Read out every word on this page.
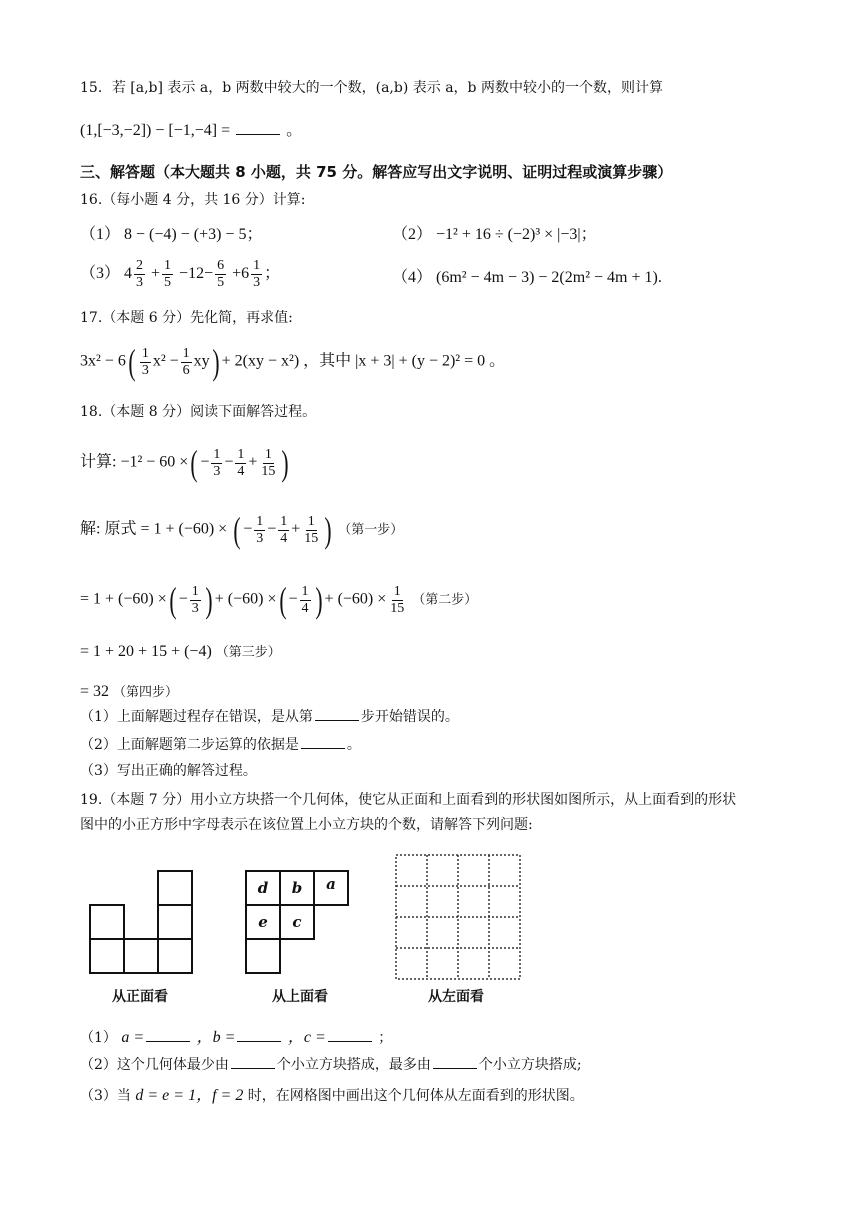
15．若 [a,b] 表示 a，b 两数中较大的一个数，(a,b) 表示 a，b 两数中较小的一个数，则计算
(1,[−3,−2]) − [−1,−4] =	。
三、解答题（本大题共 8 小题，共 75 分。解答应写出文字说明、证明过程或演算步骤）
16.（每小题 4 分，共 16 分）计算:
（1） 8 − (−4) − (+3) − 5；	（2） −1² + 16 ÷ (−2)³ × |−3|；
（3） $4 \frac{2}{3} + \frac{1}{5} -12- \frac{6}{5} +6 \frac{1}{3}$ ；	（4） (6m² − 4m − 3) − 2(2m² − 4m + 1).
17.（本题 6 分）先化简，再求值:
$3x^2 - 6( \frac{1}{3} x^2 - \frac{1}{6} xy) + 2(xy - x^2)$ ，其中 |x + 3| + (y − 2)² = 0 。
18.（本题 8 分）阅读下面解答过程。
计算: −1² − 60 ×( − $\frac{1}{3} - \frac{1}{4} + \frac{1}{15}$ )
解: 原式 = 1 + (−60) × ( − $\frac{1}{3} - \frac{1}{4} + \frac{1}{15}$ ) （第一步）
= 1 + (−60) ×( − $\frac{1}{3}$ ) + (−60) ×( − $\frac{1}{4}$ ) + $(-60) \times \frac{1}{15}$ （第二步）
= 1 + 20 + 15 + (−4) （第三步）
= 32 （第四步）
（1）上面解题过程存在错误，是从第	步开始错误的。
（2）上面解题第二步运算的依据是	。
（3）写出正确的解答过程。
19.（本题 7 分）用小立方块搭一个几何体，使它从正面和上面看到的形状图如图所示，从上面看到的形状
图中的小正方形中字母表示在该位置上小立方块的个数，请解答下列问题:
d b a
e c
从正面看	从上面看	从左面看
（1） a =	，b =	，c =	；
（2）这个几何体最少由	个小立方块搭成，最多由	个小立方块搭成;
（3）当 d = e = 1，f = 2 时，在网格图中画出这个几何体从左面看到的形状图。
